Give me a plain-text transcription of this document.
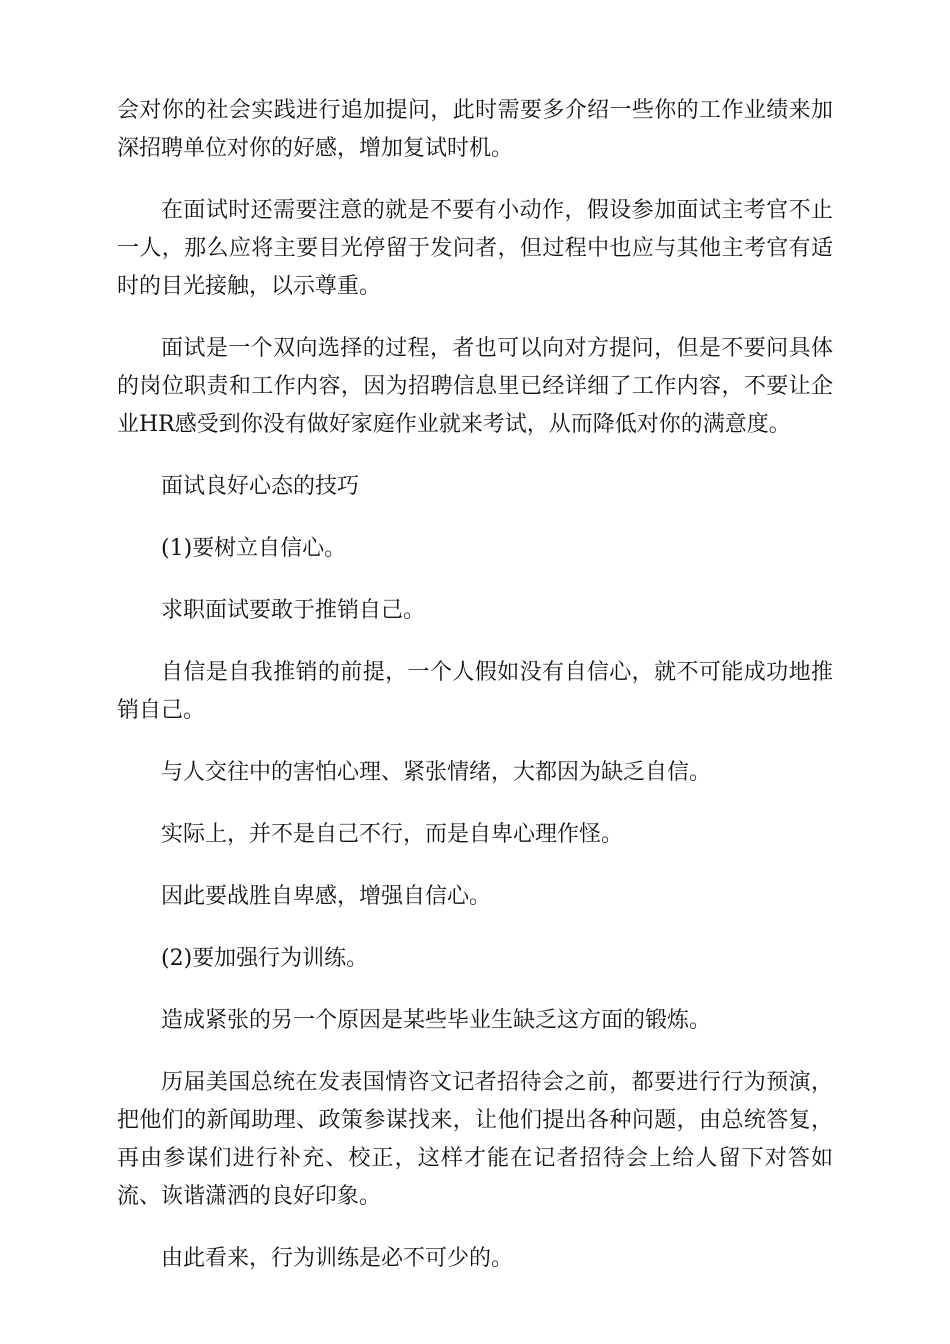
会对你的社会实践进行追加提问，此时需要多介绍一些你的工作业绩来加深招聘单位对你的好感，增加复试时机。

在面试时还需要注意的就是不要有小动作，假设参加面试主考官不止一人，那么应将主要目光停留于发问者，但过程中也应与其他主考官有适时的目光接触，以示尊重。

面试是一个双向选择的过程，者也可以向对方提问，但是不要问具体的岗位职责和工作内容，因为招聘信息里已经详细了工作内容，不要让企业HR感受到你没有做好家庭作业就来考试，从而降低对你的满意度。

面试良好心态的技巧

(1)要树立自信心。

求职面试要敢于推销自己。

自信是自我推销的前提，一个人假如没有自信心，就不可能成功地推销自己。

与人交往中的害怕心理、紧张情绪，大都因为缺乏自信。

实际上，并不是自己不行，而是自卑心理作怪。

因此要战胜自卑感，增强自信心。

(2)要加强行为训练。

造成紧张的另一个原因是某些毕业生缺乏这方面的锻炼。

历届美国总统在发表国情咨文记者招待会之前，都要进行行为预演，把他们的新闻助理、政策参谋找来，让他们提出各种问题，由总统答复，再由参谋们进行补充、校正，这样才能在记者招待会上给人留下对答如流、诙谐潇洒的良好印象。

由此看来，行为训练是必不可少的。
